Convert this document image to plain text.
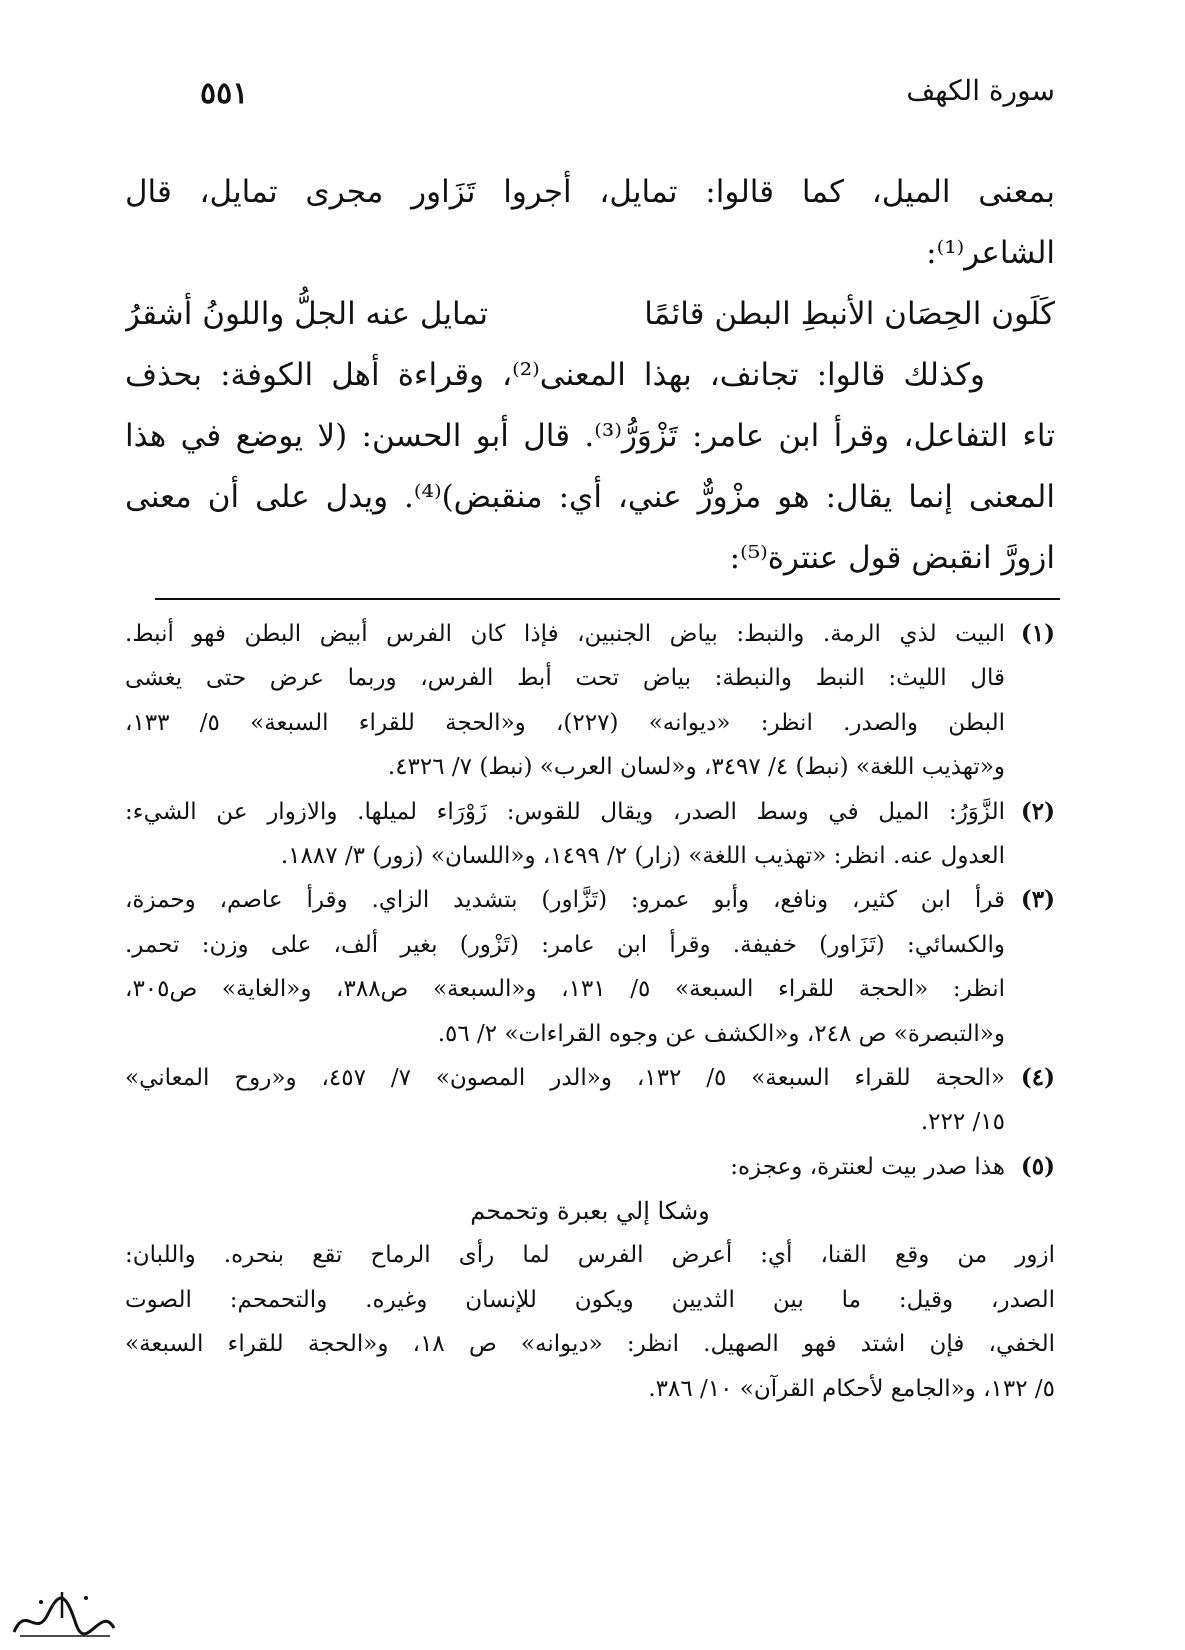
سورة الكهف
٥٥١
بمعنى الميل، كما قالوا: تمايل، أجروا تَزَاور مجرى تمايل، قال
الشاعر⁽¹⁾:
كَلَون الحِصَان الأنبطِ البطن قائمًا
تمايل عنه الجلُّ واللونُ أشقرُ
وكذلك قالوا: تجانف، بهذا المعنى⁽²⁾، وقراءة أهل الكوفة: بحذف
تاء التفاعل، وقرأ ابن عامر: تَزْوَرُّ⁽³⁾. قال أبو الحسن: (لا يوضع في هذا
المعنى إنما يقال: هو مزْورٌّ عني، أي: منقبض)⁽⁴⁾. ويدل على أن معنى
ازورَّ انقبض قول عنترة⁽⁵⁾:
(١)
البيت لذي الرمة. والنبط: بياض الجنبين، فإذا كان الفرس أبيض البطن فهو أنبط.
قال الليث: النبط والنبطة: بياض تحت أبط الفرس، وربما عرض حتى يغشى
البطن والصدر. انظر: «ديوانه» (٢٢٧)، و«الحجة للقراء السبعة» ٥/ ١٣٣،
و«تهذيب اللغة» (نبط) ٤/ ٣٤٩٧، و«لسان العرب» (نبط) ٧/ ٤٣٢٦.
(٢)
الزَّوَرُ: الميل في وسط الصدر، ويقال للقوس: زَوْرَاء لميلها. والازوار عن الشيء:
العدول عنه. انظر: «تهذيب اللغة» (زار) ٢/ ١٤٩٩، و«اللسان» (زور) ٣/ ١٨٨٧.
(٣)
قرأ ابن كثير، ونافع، وأبو عمرو: (تَزَّاور) بتشديد الزاي. وقرأ عاصم، وحمزة،
والكسائي: (تَزَاور) خفيفة. وقرأ ابن عامر: (تَزْور) بغير ألف، على وزن: تحمر.
انظر: «الحجة للقراء السبعة» ٥/ ١٣١، و«السبعة» ص٣٨٨، و«الغاية» ص٣٠٥،
و«التبصرة» ص ٢٤٨، و«الكشف عن وجوه القراءات» ٢/ ٥٦.
(٤)
«الحجة للقراء السبعة» ٥/ ١٣٢، و«الدر المصون» ٧/ ٤٥٧، و«روح المعاني»
١٥/ ٢٢٢.
(٥)
هذا صدر بيت لعنترة، وعجزه:
وشكا إلي بعبرة وتحمحم
ازور من وقع القنا، أي: أعرض الفرس لما رأى الرماح تقع بنحره. واللبان:
الصدر، وقيل: ما بين الثديين ويكون للإنسان وغيره. والتحمحم: الصوت
الخفي، فإن اشتد فهو الصهيل. انظر: «ديوانه» ص ١٨، و«الحجة للقراء السبعة»
٥/ ١٣٢، و«الجامع لأحكام القرآن» ١٠/ ٣٨٦.
